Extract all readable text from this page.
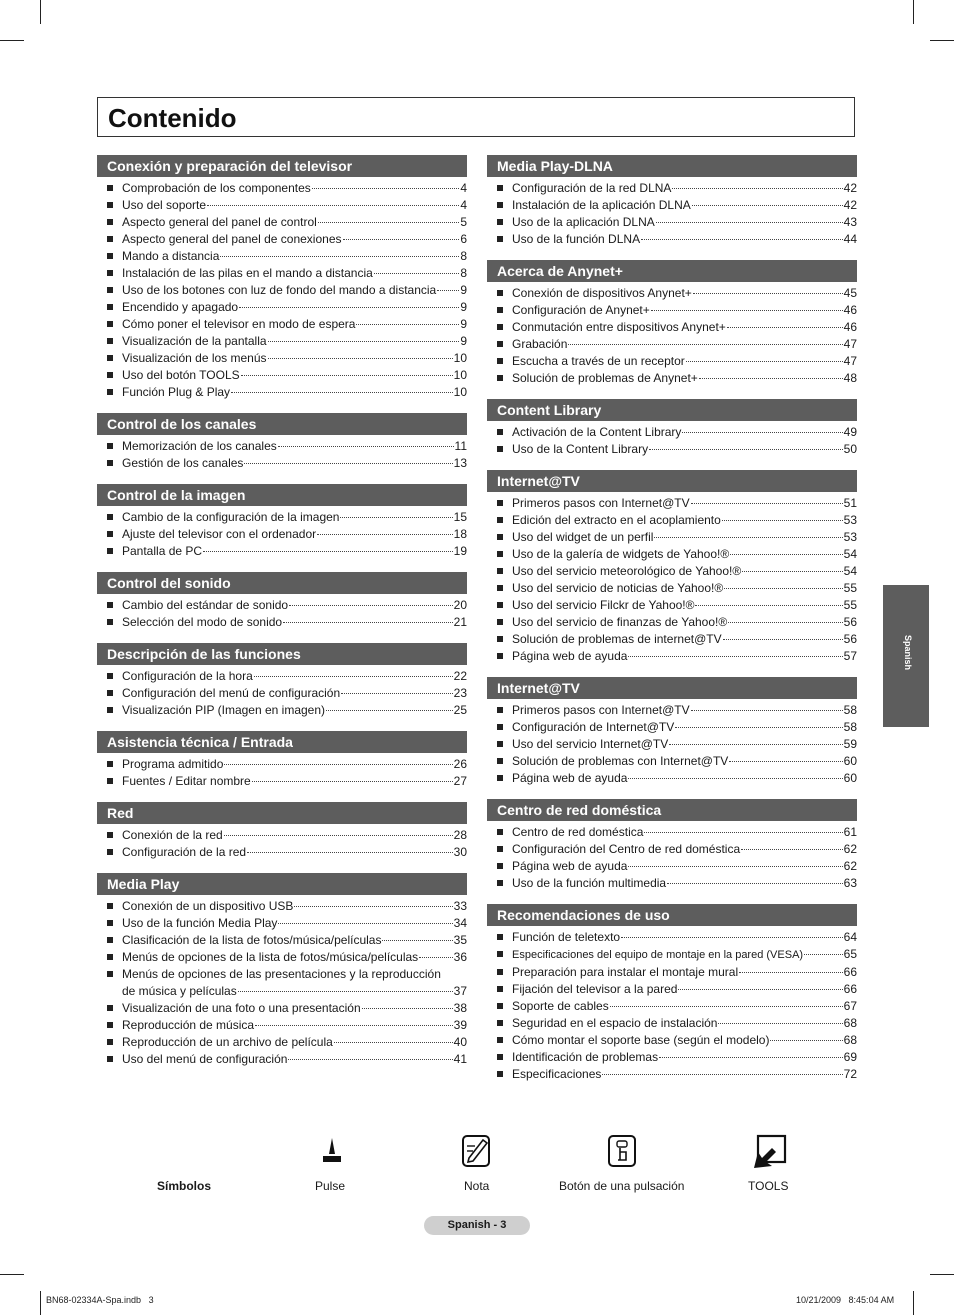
Contenido
Conexión y preparación del televisor
Comprobación de los componentes	4
Uso del soporte	4
Aspecto general del panel de control	5
Aspecto general del panel de conexiones	6
Mando a distancia	8
Instalación de las pilas en el mando a distancia	8
Uso de los botones con luz de fondo del mando a distancia 9
Encendido y apagado	9
Cómo poner el televisor en modo de espera	9
Visualización de la pantalla	9
Visualización de los menús	10
Uso del botón TOOLS	10
Función Plug & Play	10
Control de los canales
Memorización de los canales	11
Gestión de los canales	13
Control de la imagen
Cambio de la configuración de la imagen	15
Ajuste del televisor con el ordenador	18
Pantalla de PC	19
Control del sonido
Cambio del estándar de sonido	20
Selección del modo de sonido	21
Descripción de las funciones
Configuración de la hora	22
Configuración del menú de configuración	23
Visualización PIP (Imagen en imagen)	25
Asistencia técnica / Entrada
Programa admitido	26
Fuentes / Editar nombre	27
Red
Conexión de la red	28
Configuración de la red	30
Media Play
Conexión de un dispositivo USB	33
Uso de la función Media Play	34
Clasificación de la lista de fotos/música/películas	35
Menús de opciones de la lista de fotos/música/películas	36
Menús de opciones de las presentaciones y la reproducción
de música y películas	37
Visualización de una foto o una presentación	38
Reproducción de música	39
Reproducción de un archivo de película	40
Uso del menú de configuración	41
Media Play-DLNA
Configuración de la red DLNA	42
Instalación de la aplicación DLNA	42
Uso de la aplicación DLNA	43
Uso de la función DLNA	44
Acerca de Anynet+
Conexión de dispositivos Anynet+	45
Configuración de Anynet+	46
Conmutación entre dispositivos Anynet+	46
Grabación	47
Escucha a través de un receptor	47
Solución de problemas de Anynet+	48
Content Library
Activación de la Content Library	49
Uso de la Content Library	50
Internet@TV
Primeros pasos con Internet@TV	51
Edición del extracto en el acoplamiento	53
Uso del widget de un perfil	53
Uso de la galería de widgets de Yahoo!®	54
Uso del servicio meteorológico de Yahoo!®	54
Uso del servicio de noticias de Yahoo!®	55
Uso del servicio Filckr de Yahoo!®	55
Uso del servicio de finanzas de Yahoo!®	56
Solución de problemas de internet@TV	56
Página web de ayuda	57
Internet@TV
Primeros pasos con Internet@TV	58
Configuración de Internet@TV	58
Uso del servicio Internet@TV	59
Solución de problemas con Internet@TV	60
Página web de ayuda	60
Centro de red doméstica
Centro de red doméstica	61
Configuración del Centro de red doméstica	62
Página web de ayuda	62
Uso de la función multimedia	63
Recomendaciones de uso
Función de teletexto	64
Especificaciones del equipo de montaje en la pared (VESA)	65
Preparación para instalar el montaje mural	66
Fijación del televisor a la pared	66
Soporte de cables	67
Seguridad en el espacio de instalación	68
Cómo montar el soporte base (según el modelo)	68
Identificación de problemas	69
Especificaciones	72
Spanish
Símbolos	Pulse	Nota	Botón de una pulsación	TOOLS
Spanish - 3
BN68-02334A-Spa.indb   3	10/21/2009   8:45:04 AM
